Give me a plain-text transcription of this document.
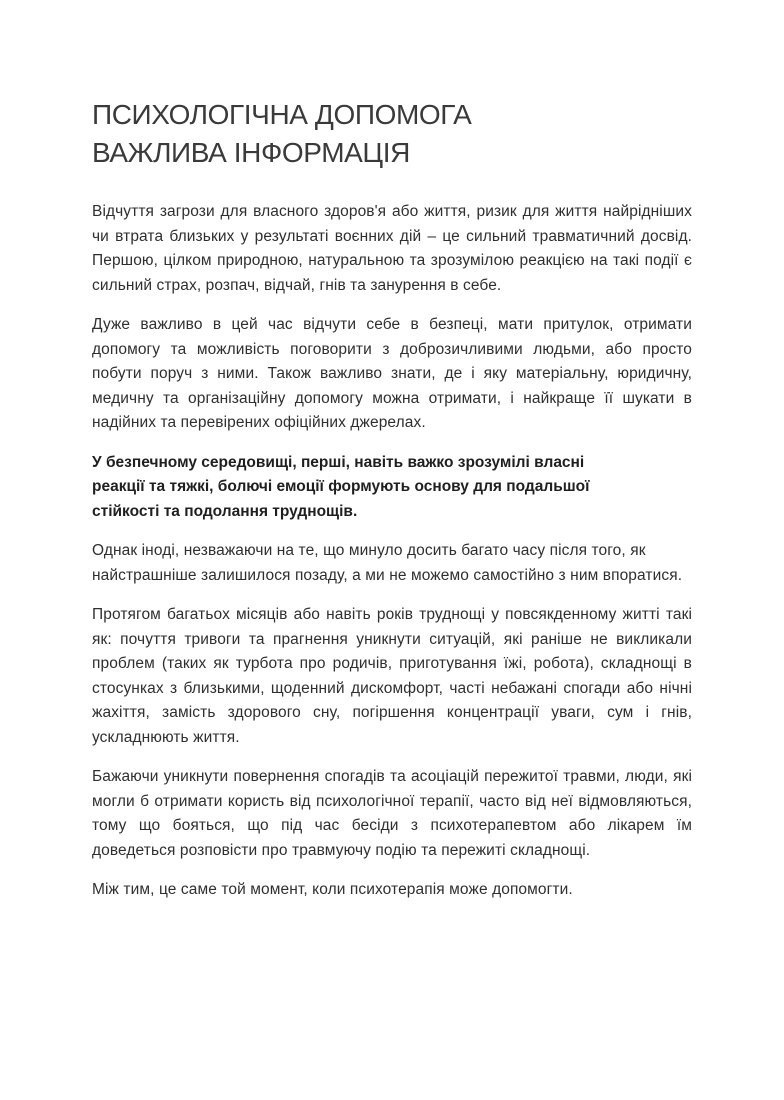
ПСИХОЛОГІЧНА ДОПОМОГА
ВАЖЛИВА ІНФОРМАЦІЯ

Відчуття загрози для власного здоров'я або життя, ризик для життя найрідніших чи втрата близьких у результаті воєнних дій – це сильний травматичний досвід. Першою, цілком природною, натуральною та зрозумілою реакцією на такі події є сильний страх, розпач, відчай, гнів та занурення в себе.

Дуже важливо в цей час відчути себе в безпеці, мати притулок, отримати допомогу та можливість поговорити з доброзичливими людьми, або просто побути поруч з ними. Також важливо знати, де і яку матеріальну, юридичну, медичну та організаційну допомогу можна отримати, і найкраще її шукати в надійних та перевірених офіційних джерелах.

У безпечному середовищі, перші, навіть важко зрозумілі власні реакції та тяжкі, болючі емоції формують основу для подальшої стійкості та подолання труднощів.

Однак іноді, незважаючи на те, що минуло досить багато часу після того, як найстрашніше залишилося позаду, а ми не можемо самостійно з ним впоратися.

Протягом багатьох місяців або навіть років труднощі у повсякденному житті такі як: почуття тривоги та прагнення уникнути ситуацій, які раніше не викликали проблем (таких як турбота про родичів, приготування їжі, робота), складнощі в стосунках з близькими, щоденний дискомфорт, часті небажані спогади або нічні жахіття, замість здорового сну, погіршення концентрації уваги, сум і гнів, ускладнюють життя.

Бажаючи уникнути повернення спогадів та асоціацій пережитої травми, люди, які могли б отримати користь від психологічної терапії, часто від неї відмовляються, тому що бояться, що під час бесіди з психотерапевтом або лікарем їм доведеться розповісти про травмуючу подію та пережиті складнощі.

Між тим, це саме той момент, коли психотерапія може допомогти.
